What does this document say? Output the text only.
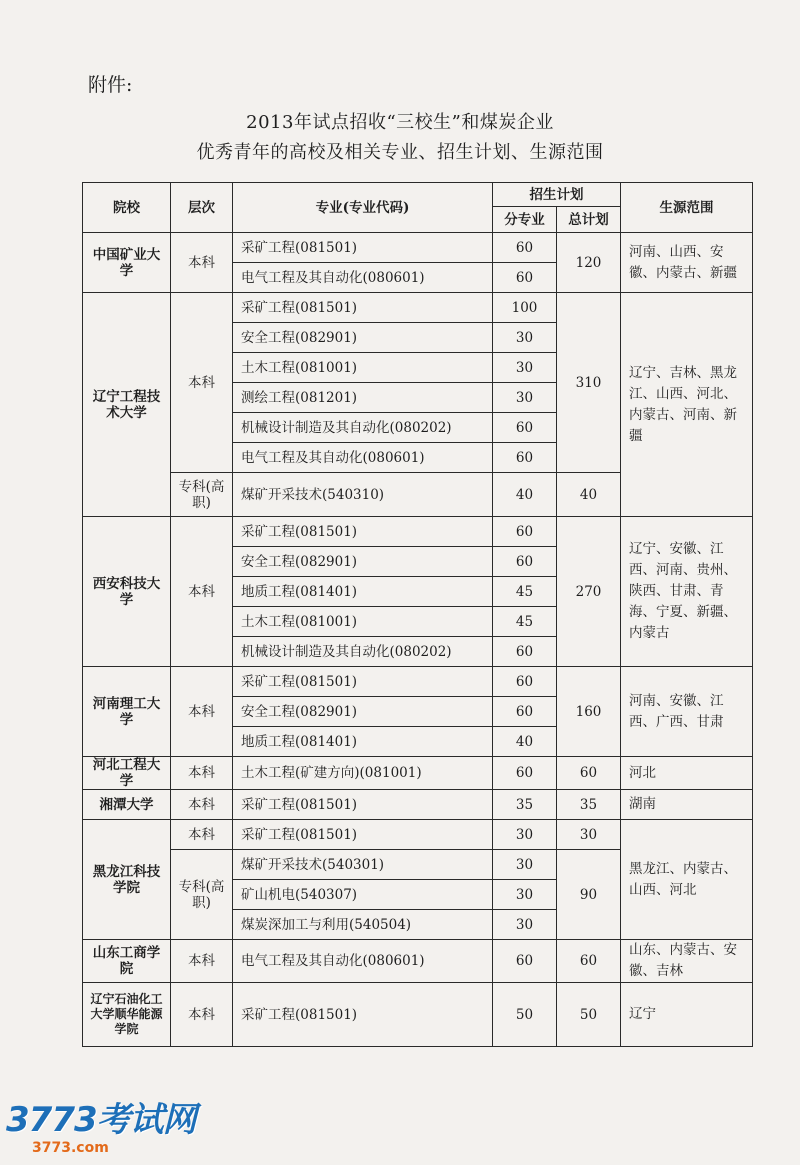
附件:
2013年试点招收“三校生”和煤炭企业
优秀青年的高校及相关专业、招生计划、生源范围
院校	层次	专业(专业代码)	招生计划		生源范围
			分专业	总计划	
中国矿业大 学	本科	采矿工程(081501)	60	120	河南、山西、安徽、内蒙古、新疆
		电气工程及其自动化(080601)	60		
辽宁工程技术大学	本科	采矿工程(081501)	100	310	辽宁、吉林、黑龙江、山西、河北、内蒙古、河南、新疆
		安全工程(082901)	30		
		土木工程(081001)	30		
		测绘工程(081201)	30		
		机械设计制造及其自动化(080202)	60		
		电气工程及其自动化(080601)	60		
	专科(高职)	煤矿开采技术(540310)	40	40	
西安科技大 学	本科	采矿工程(081501)	60	270	辽宁、安徽、江西、河南、贵州、陕西、甘肃、青海、宁夏、新疆、内蒙古
		安全工程(082901)	60		
		地质工程(081401)	45		
		土木工程(081001)	45		
		机械设计制造及其自动化(080202)	60		
河南理工大 学	本科	采矿工程(081501)	60	160	河南、安徽、江西、广西、甘肃
		安全工程(082901)	60		
		地质工程(081401)	40		
河北工程大 学	本科	土木工程(矿建方向)(081001)	60	60	河北
湘潭大学	本科	采矿工程(081501)	35	35	湖南
黑龙江科技学院	本科	采矿工程(081501)	30	30	黑龙江、内蒙古、山西、河北
	专科(高职)	煤矿开采技术(540301)	30	90	
		矿山机电(540307)	30		
		煤炭深加工与利用(540504)	30		
山东工商学 院	本科	电气工程及其自动化(080601)	60	60	山东、内蒙古、安徽、吉林
辽宁石油化工大学顺华能源学院	本科	采矿工程(081501)	50	50	辽宁
3773考试网
3773.com
